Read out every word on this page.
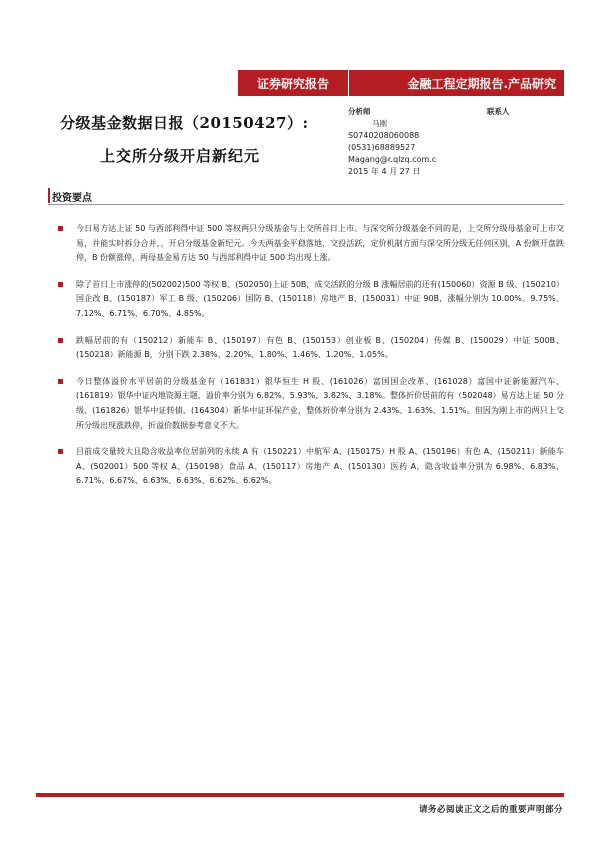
证券研究报告	金融工程定期报告.产品研究
分级基金数据日报（20150427）:
上交所分级开启新纪元
分析师
马刚
S0740208060088
(0531)68889527
Magang@r.qlzq.com.c
2015 年 4 月 27 日
联系人
投资要点
今日易方达上证 50 与西部利得中证 500 等权两只分级基金与上交所首日上市。与深交所分级基金不同的是，上交所分级母基金可上市交易，并能实时拆分合并，，开启分级基金新纪元。今天两基金平稳落地，交投活跃，定价机制方面与深交所分级无任何区别，A 份额开盘跌停，B 份额涨停，两母基金易方达 50 与西部利得中证 500 均出现上涨。
除了首日上市涨停的(502002)500 等权 B、(502050)上证 50B，成交活跃的分级 B 涨幅居前的还有(150060）资源 B 级、(150210）国企改 B、(150187）军工 B 级、(150206）国防 B、(150118）房地产 B、(150031）中证 90B，涨幅分别为 10.00%、9.75%、7.12%、6.71%、6.70%、4.85%。
跌幅居前的有（150212）新能车 B、(150197）有色 B、(150153）创业板 B、(150204）传媒 B、(150029）中证 500B、(150218）新能源 B，分别下跌 2.38%、2.20%、1.80%、1.46%、1.20%、1.05%。
今日整体溢价水平居前的分级基金有（161831）银华恒生 H 股、(161026）富国国企改革、(161028）富国中证新能源汽车、(161819）银华中证内地资源主题，溢价率分别为 6.82%、5.93%、3.82%、3.18%。整体折价居前的有（502048）易方达上证 50 分级、(161826）银华中证转债、(164304）新华中证环保产业，整体折价率分别为 2.43%、1.63%、1.51%。但因为刚上市的两只上交所分级出现涨跌停，折溢价数据参考意义不大。
目前成交量较大且隐含收益率位居前列的永续 A 有（150221）中航军 A、(150175）H 股 A、(150196）有色 A、(150211）新能车 A、(502001）500 等权 A、(150198）食品 A、(150117）房地产 A、(150130）医药 A，隐含收益率分别为 6.98%、6.83%、6.71%、6.67%、6.63%、6.63%、6.62%、6.62%。
请务必阅读正文之后的重要声明部分
